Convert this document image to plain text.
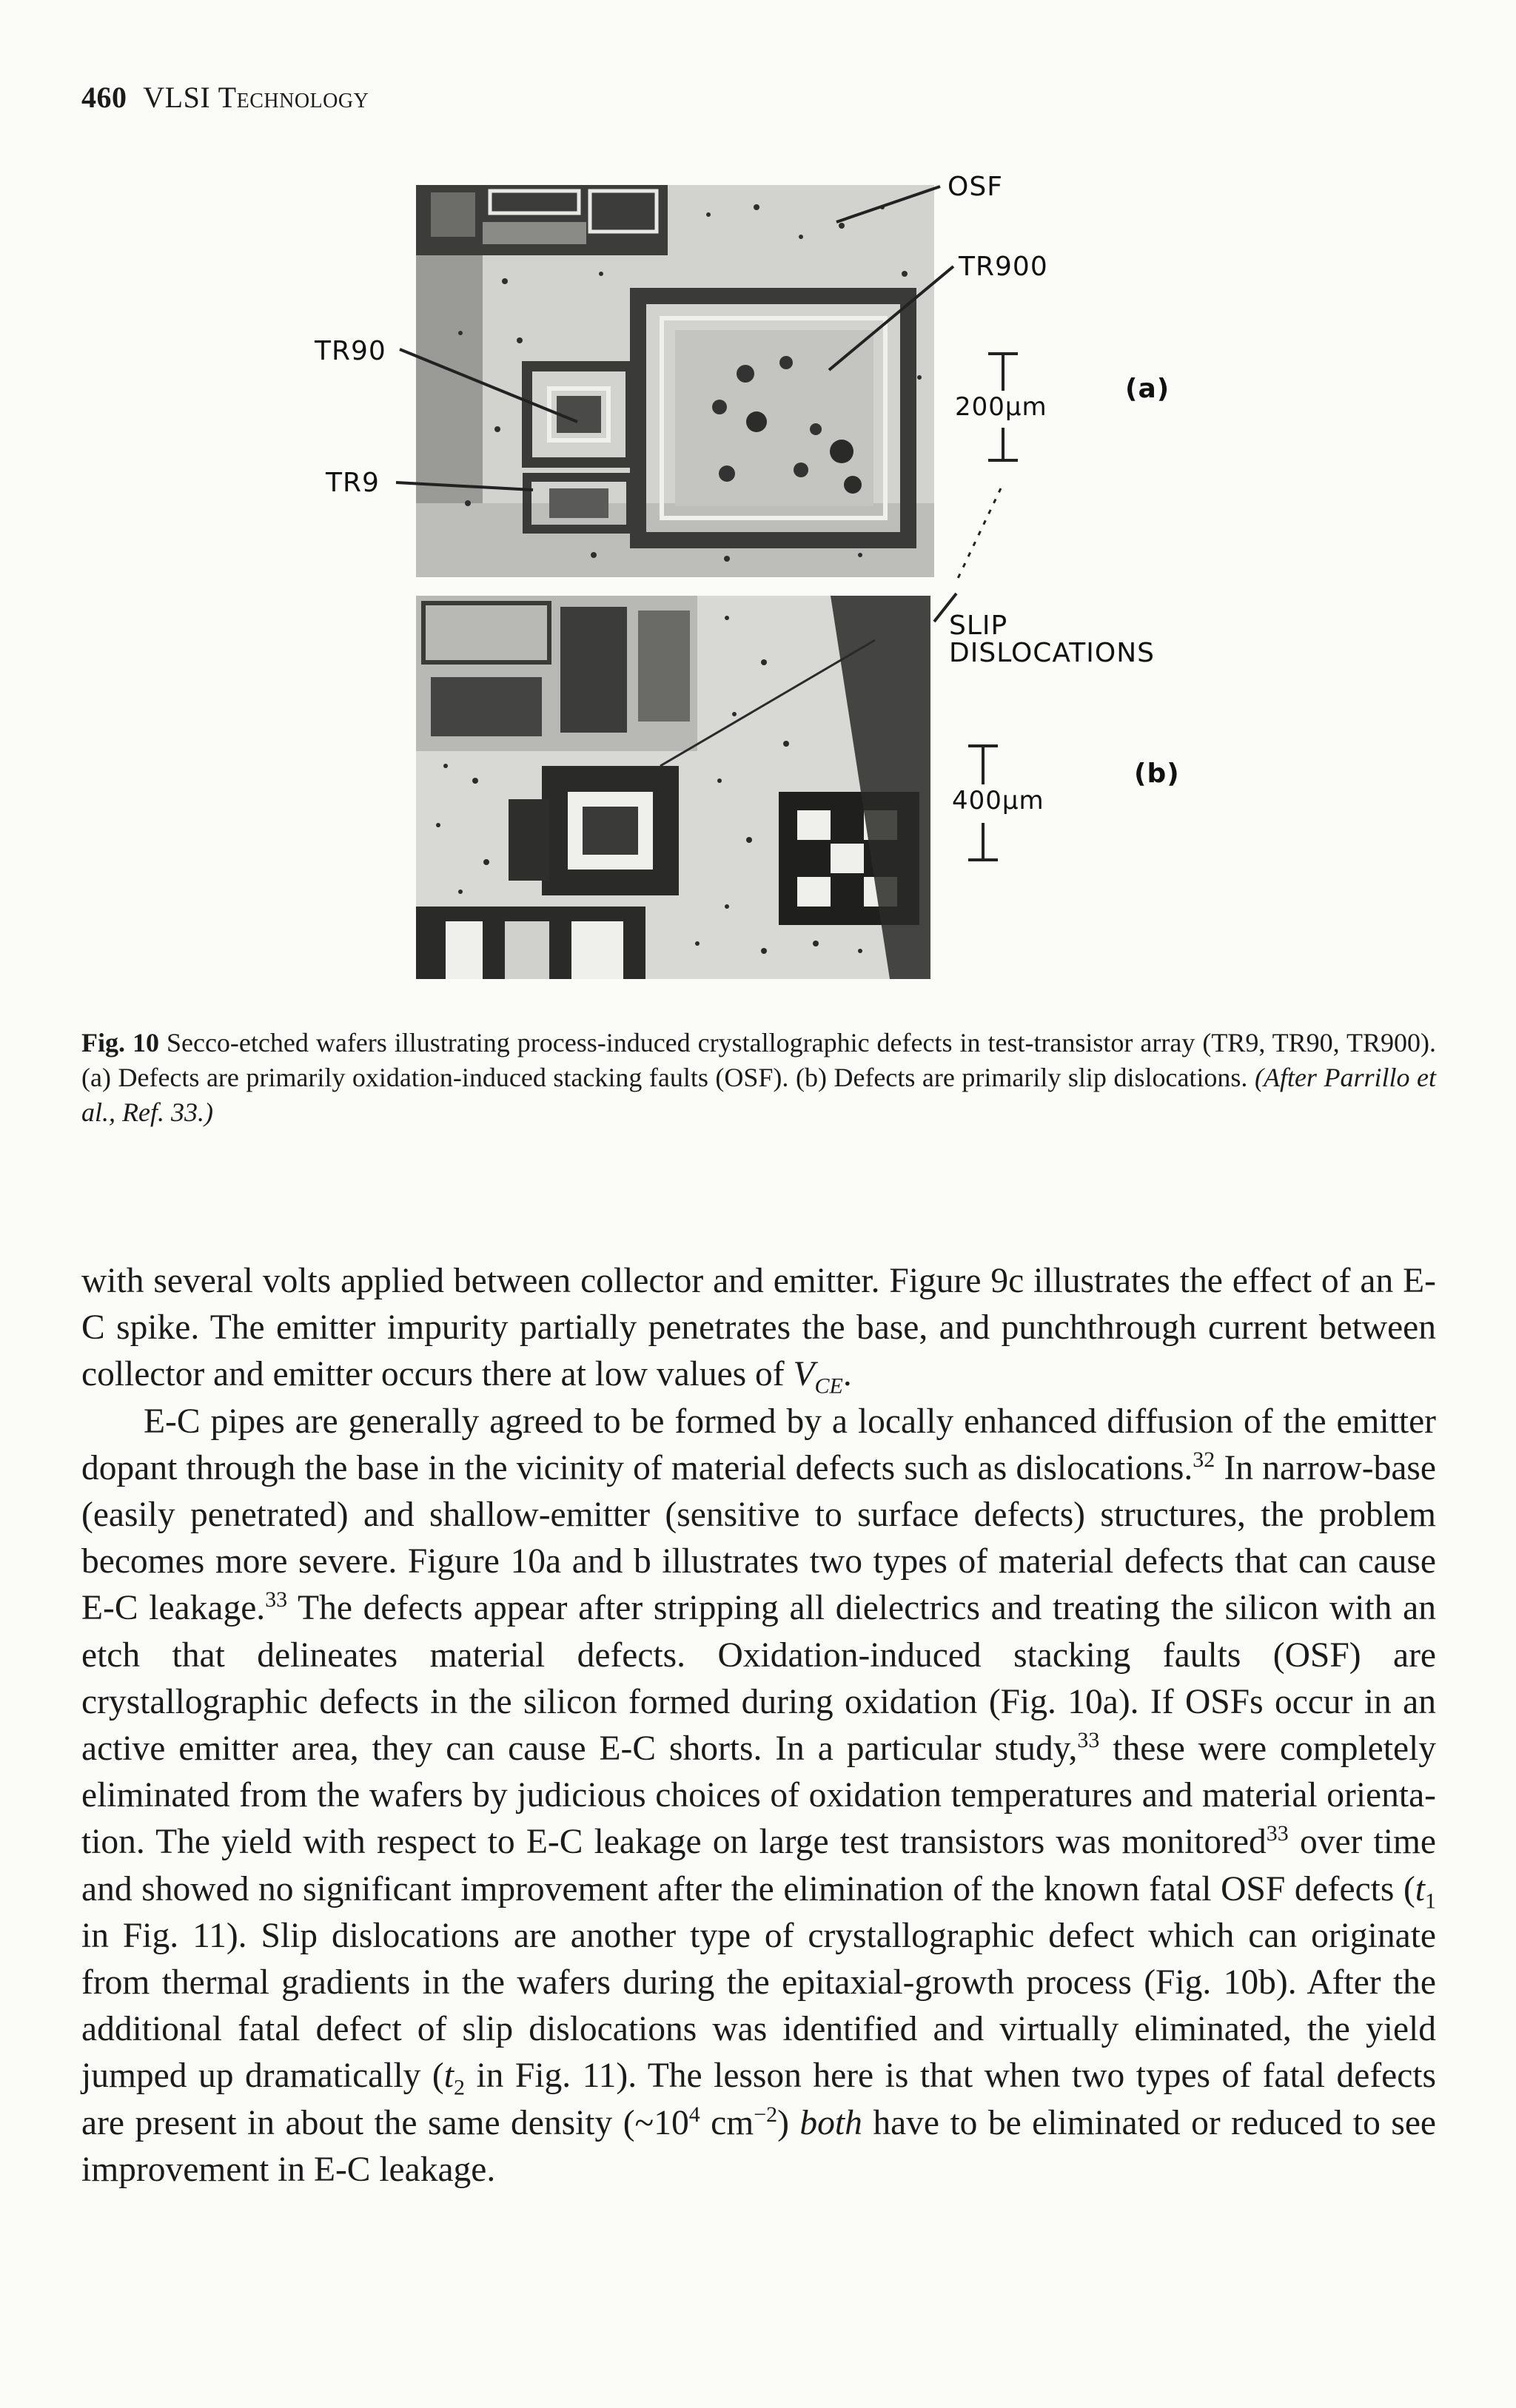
460 VLSI Technology
OSF
TR900
TR90
TR9
200μm
(a)
SLIP
DISLOCATIONS
400μm
(b)
Fig. 10 Secco-etched wafers illustrating process-induced crystallographic defects in test-transistor array (TR9, TR90, TR900). (a) Defects are primarily oxidation-induced stacking faults (OSF). (b) Defects are primarily slip dislocations. (After Parrillo et al., Ref. 33.)

with several volts applied between collector and emitter. Figure 9c illustrates the effect of an E-C spike. The emitter impurity partially penetrates the base, and punchthrough current between collector and emitter occurs there at low values of $V_{CE}$.

E-C pipes are generally agreed to be formed by a locally enhanced diffusion of the emitter dopant through the base in the vicinity of material defects such as dislocations.$^{32}$ In narrow-base (easily penetrated) and shallow-emitter (sensitive to surface defects) structures, the problem becomes more severe. Figure 10a and b illustrates two types of material defects that can cause E-C leakage.$^{33}$ The defects appear after stripping all dielectrics and treating the silicon with an etch that delineates material defects. Oxidation-induced stacking faults (OSF) are crystallographic defects in the silicon formed during oxidation (Fig. 10a). If OSFs occur in an active emitter area, they can cause E-C shorts. In a particular study,$^{33}$ these were completely eliminated from the wafers by judicious choices of oxidation temperatures and material orientation. The yield with respect to E-C leakage on large test transistors was monitored$^{33}$ over time and showed no significant improvement after the elimination of the known fatal OSF defects ($t_1$ in Fig. 11). Slip dislocations are another type of crystallographic defect which can originate from thermal gradients in the wafers during the epitaxial-growth process (Fig. 10b). After the additional fatal defect of slip dislocations was identified and virtually eliminated, the yield jumped up dramatically ($t_2$ in Fig. 11). The lesson here is that when two types of fatal defects are present in about the same density ($\sim 10^4$ $cm^{-2}$) both have to be eliminated or reduced to see improvement in E-C leakage.
